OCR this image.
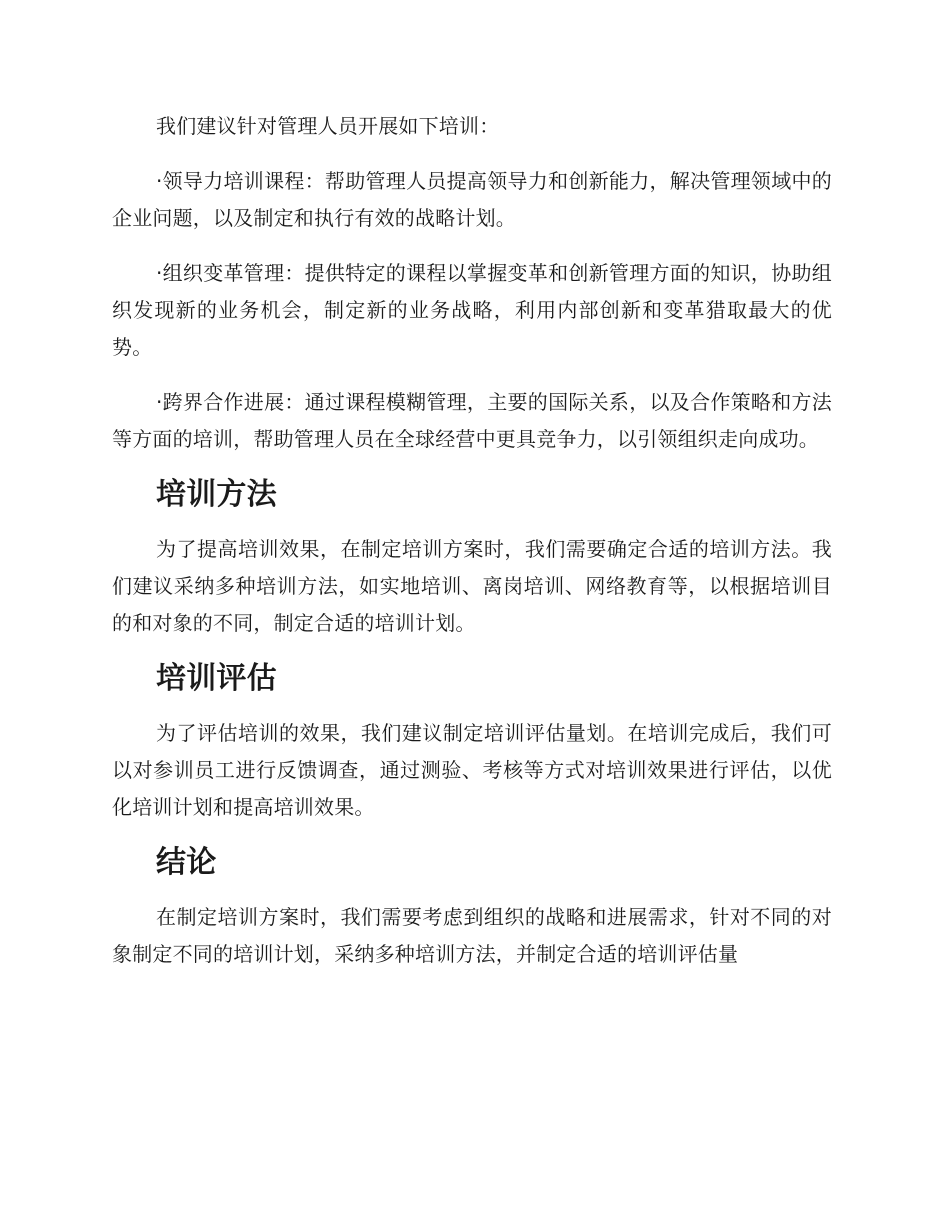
我们建议针对管理人员开展如下培训：

·领导力培训课程：帮助管理人员提高领导力和创新能力，解决管理领域中的企业问题，以及制定和执行有效的战略计划。

·组织变革管理：提供特定的课程以掌握变革和创新管理方面的知识，协助组织发现新的业务机会，制定新的业务战略，利用内部创新和变革猎取最大的优势。

·跨界合作进展：通过课程模糊管理，主要的国际关系，以及合作策略和方法等方面的培训，帮助管理人员在全球经营中更具竞争力，以引领组织走向成功。

培训方法

为了提高培训效果，在制定培训方案时，我们需要确定合适的培训方法。我们建议采纳多种培训方法，如实地培训、离岗培训、网络教育等，以根据培训目的和对象的不同，制定合适的培训计划。

培训评估

为了评估培训的效果，我们建议制定培训评估量划。在培训完成后，我们可以对参训员工进行反馈调查，通过测验、考核等方式对培训效果进行评估，以优化培训计划和提高培训效果。

结论

在制定培训方案时，我们需要考虑到组织的战略和进展需求，针对不同的对象制定不同的培训计划，采纳多种培训方法，并制定合适的培训评估量
